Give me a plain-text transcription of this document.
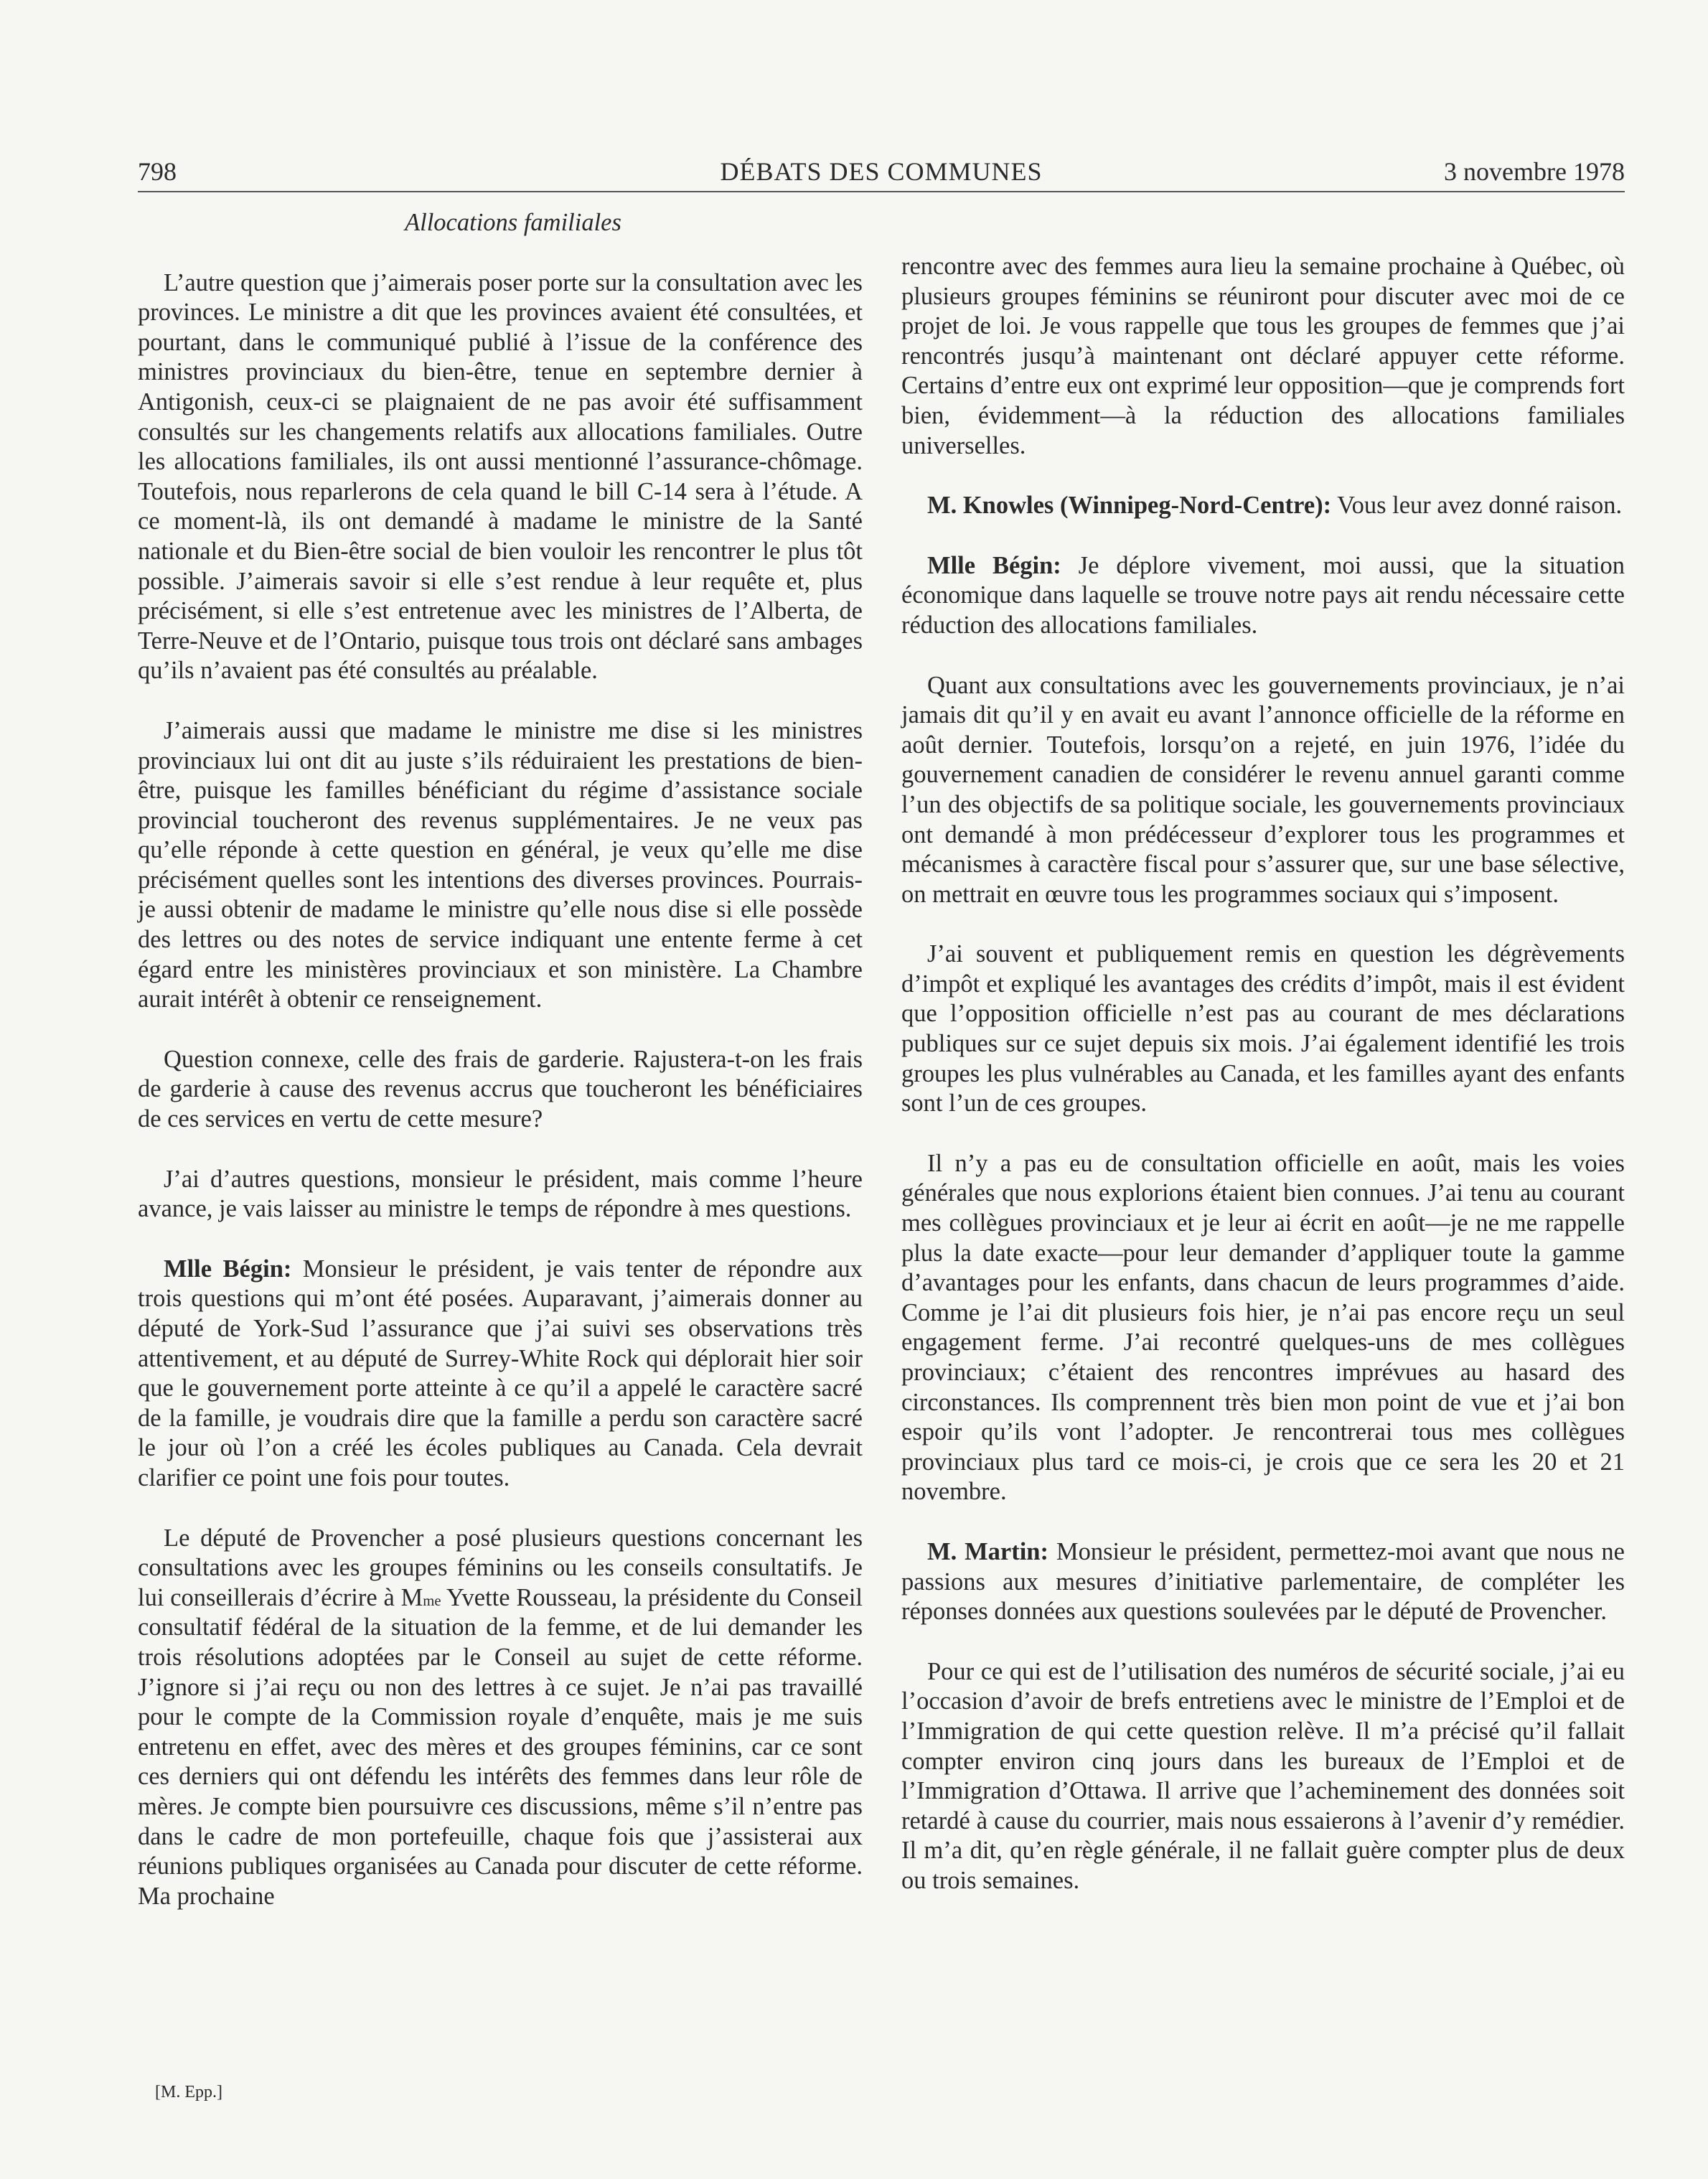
798	DÉBATS DES COMMUNES	3 novembre 1978

Allocations familiales

L’autre question que j’aimerais poser porte sur la consultation avec les provinces. Le ministre a dit que les provinces avaient été consultées, et pourtant, dans le communiqué publié à l’issue de la conférence des ministres provinciaux du bien-être, tenue en septembre dernier à Antigonish, ceux-ci se plaignaient de ne pas avoir été suffisamment consultés sur les changements relatifs aux allocations familiales. Outre les allocations familiales, ils ont aussi mentionné l’assurance-chômage. Toutefois, nous reparlerons de cela quand le bill C-14 sera à l’étude. A ce moment-là, ils ont demandé à madame le ministre de la Santé nationale et du Bien-être social de bien vouloir les rencontrer le plus tôt possible. J’aimerais savoir si elle s’est rendue à leur requête et, plus précisément, si elle s’est entretenue avec les ministres de l’Alberta, de Terre-Neuve et de l’Ontario, puisque tous trois ont déclaré sans ambages qu’ils n’avaient pas été consultés au préalable.

J’aimerais aussi que madame le ministre me dise si les ministres provinciaux lui ont dit au juste s’ils réduiraient les prestations de bien-être, puisque les familles bénéficiant du régime d’assistance sociale provincial toucheront des revenus supplémentaires. Je ne veux pas qu’elle réponde à cette question en général, je veux qu’elle me dise précisément quelles sont les intentions des diverses provinces. Pourrais-je aussi obtenir de madame le ministre qu’elle nous dise si elle possède des lettres ou des notes de service indiquant une entente ferme à cet égard entre les ministères provinciaux et son ministère. La Chambre aurait intérêt à obtenir ce renseignement.

Question connexe, celle des frais de garderie. Rajustera-t-on les frais de garderie à cause des revenus accrus que toucheront les bénéficiaires de ces services en vertu de cette mesure?

J’ai d’autres questions, monsieur le président, mais comme l’heure avance, je vais laisser au ministre le temps de répondre à mes questions.

Mlle Bégin: Monsieur le président, je vais tenter de répondre aux trois questions qui m’ont été posées. Auparavant, j’aimerais donner au député de York-Sud l’assurance que j’ai suivi ses observations très attentivement, et au député de Surrey-White Rock qui déplorait hier soir que le gouvernement porte atteinte à ce qu’il a appelé le caractère sacré de la famille, je voudrais dire que la famille a perdu son caractère sacré le jour où l’on a créé les écoles publiques au Canada. Cela devrait clarifier ce point une fois pour toutes.

Le député de Provencher a posé plusieurs questions concernant les consultations avec les groupes féminins ou les conseils consultatifs. Je lui conseillerais d’écrire à $M^{me}$ Yvette Rousseau, la présidente du Conseil consultatif fédéral de la situation de la femme, et de lui demander les trois résolutions adoptées par le Conseil au sujet de cette réforme. J’ignore si j’ai reçu ou non des lettres à ce sujet. Je n’ai pas travaillé pour le compte de la Commission royale d’enquête, mais je me suis entretenu en effet, avec des mères et des groupes féminins, car ce sont ces derniers qui ont défendu les intérêts des femmes dans leur rôle de mères. Je compte bien poursuivre ces discussions, même s’il n’entre pas dans le cadre de mon portefeuille, chaque fois que j’assisterai aux réunions publiques organisées au Canada pour discuter de cette réforme. Ma prochaine

rencontre avec des femmes aura lieu la semaine prochaine à Québec, où plusieurs groupes féminins se réuniront pour discuter avec moi de ce projet de loi. Je vous rappelle que tous les groupes de femmes que j’ai rencontrés jusqu’à maintenant ont déclaré appuyer cette réforme. Certains d’entre eux ont exprimé leur opposition—que je comprends fort bien, évidemment—à la réduction des allocations familiales universelles.

M. Knowles (Winnipeg-Nord-Centre): Vous leur avez donné raison.

Mlle Bégin: Je déplore vivement, moi aussi, que la situation économique dans laquelle se trouve notre pays ait rendu nécessaire cette réduction des allocations familiales.

Quant aux consultations avec les gouvernements provinciaux, je n’ai jamais dit qu’il y en avait eu avant l’annonce officielle de la réforme en août dernier. Toutefois, lorsqu’on a rejeté, en juin 1976, l’idée du gouvernement canadien de considérer le revenu annuel garanti comme l’un des objectifs de sa politique sociale, les gouvernements provinciaux ont demandé à mon prédécesseur d’explorer tous les programmes et mécanismes à caractère fiscal pour s’assurer que, sur une base sélective, on mettrait en œuvre tous les programmes sociaux qui s’imposent.

J’ai souvent et publiquement remis en question les dégrèvements d’impôt et expliqué les avantages des crédits d’impôt, mais il est évident que l’opposition officielle n’est pas au courant de mes déclarations publiques sur ce sujet depuis six mois. J’ai également identifié les trois groupes les plus vulnérables au Canada, et les familles ayant des enfants sont l’un de ces groupes.

Il n’y a pas eu de consultation officielle en août, mais les voies générales que nous explorions étaient bien connues. J’ai tenu au courant mes collègues provinciaux et je leur ai écrit en août—je ne me rappelle plus la date exacte—pour leur demander d’appliquer toute la gamme d’avantages pour les enfants, dans chacun de leurs programmes d’aide. Comme je l’ai dit plusieurs fois hier, je n’ai pas encore reçu un seul engagement ferme. J’ai recontré quelques-uns de mes collègues provinciaux; c’étaient des rencontres imprévues au hasard des circonstances. Ils comprennent très bien mon point de vue et j’ai bon espoir qu’ils vont l’adopter. Je rencontrerai tous mes collègues provinciaux plus tard ce mois-ci, je crois que ce sera les 20 et 21 novembre.

M. Martin: Monsieur le président, permettez-moi avant que nous ne passions aux mesures d’initiative parlementaire, de compléter les réponses données aux questions soulevées par le député de Provencher.

Pour ce qui est de l’utilisation des numéros de sécurité sociale, j’ai eu l’occasion d’avoir de brefs entretiens avec le ministre de l’Emploi et de l’Immigration de qui cette question relève. Il m’a précisé qu’il fallait compter environ cinq jours dans les bureaux de l’Emploi et de l’Immigration d’Ottawa. Il arrive que l’acheminement des données soit retardé à cause du courrier, mais nous essaierons à l’avenir d’y remédier. Il m’a dit, qu’en règle générale, il ne fallait guère compter plus de deux ou trois semaines.

[M. Epp.]
